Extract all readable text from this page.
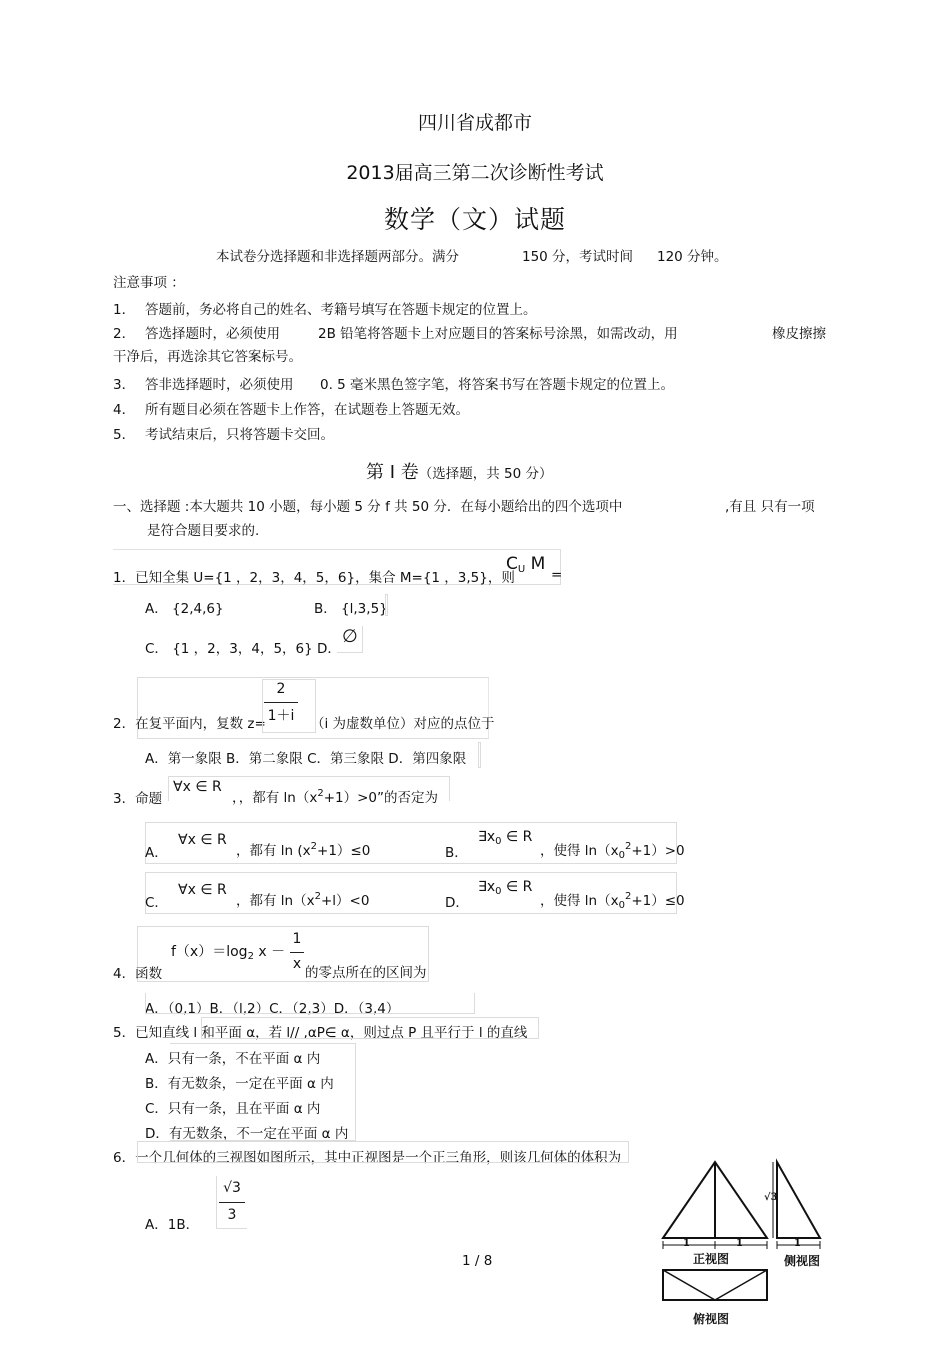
四川省成都市
2013届高三第二次诊断性考试
数学（文）试题
本试卷分选择题和非选择题两部分。满分	150 分，考试时间 120 分钟。
注意事项 ：
1． 答题前，务必将自己的姓名、考籍号填写在答题卡规定的位置上。
2． 答选择题时，必须使用	2B 铅笔将答题卡上对应题目的答案标号涂黑，如需改动，用	橡皮擦擦
干净后，再选涂其它答案标号。
3． 答非选择题时，必须使用 0. 5 毫米黑色签字笔，将答案书写在答题卡规定的位置上。
4． 所有题目必须在答题卡上作答，在试题卷上答题无效。
5． 考试结束后，只将答题卡交回。
第 Ⅰ 卷（选择题，共 50 分）
一、选择题 :本大题共 10 小题，每小题 5 分 f 共 50 分．在每小题给出的四个选项中	,有且 只有一项
是符合题目要求的.
1．已知全集 U={1 ，2，3，4，5，6}，集合 M={1 ，3,5}，则
CU M
=
A． {2,4,6}	B． {l,3,5}
C． {1 ，2，3，4，5，6} D．
∅
2．在复平面内，复数 z=
2
1＋i （i 为虚数单位）对应的点位于
A．第一象限 B．第二象限 C．第三象限 D．第四象限
3．命题
∀x ∈ R
，，都有 $\ln(x^2+1)>0$”的否定为
A．
∀x ∈ R
，都有 $\ln (x^2+1)\le 0$	B．
$\exists x_0$ ∈ R
，使得 $\ln(x_0^2+1)>0$
C．
∀x ∈ R
，都有 $\ln(x^2+l)<0$	D．
$\exists x_0$ ∈ R
，使得 $\ln(x_0^2+1)\le 0$
4．函数
$f(x)=\log_2$ x －
1
x
的零点所在的区间为
A．（0,1）B．（l,2）C．（2,3）D．（3,4）
5．已知直线 l 和平面 α，若 l// ,αP∈ α，则过点 P 且平行于 l 的直线
A．只有一条，不在平面 α 内
B．有无数条，一定在平面 α 内
C．只有一条，且在平面 α 内
D．有无数条，不一定在平面 α 内
6．一个几何体的三视图如图所示，其中正视图是一个正三角形，则该几何体的体积为
A．1B．
√3
3
1	1	1
√3
正视图	侧视图
俯视图
1 / 8
